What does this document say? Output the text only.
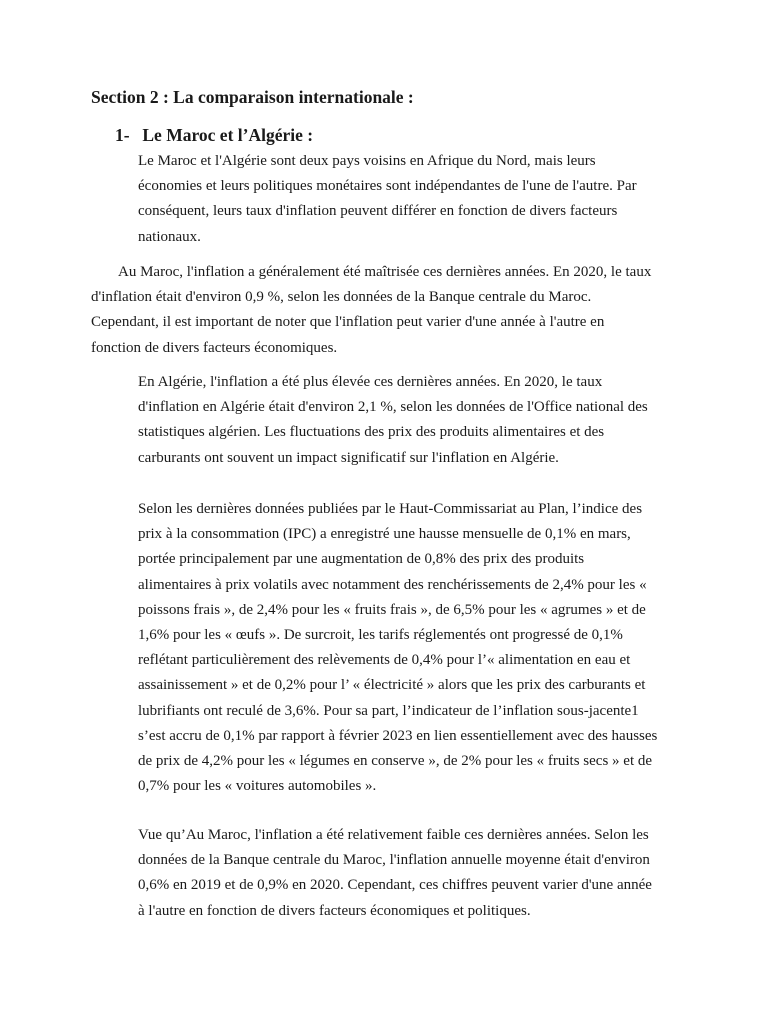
Section 2 : La comparaison internationale :
1- Le Maroc et l’Algérie :

Le Maroc et l'Algérie sont deux pays voisins en Afrique du Nord, mais leurs
économies et leurs politiques monétaires sont indépendantes de l'une de l'autre. Par
conséquent, leurs taux d'inflation peuvent différer en fonction de divers facteurs
nationaux.

Au Maroc, l'inflation a généralement été maîtrisée ces dernières années. En 2020, le taux
d'inflation était d'environ 0,9 %, selon les données de la Banque centrale du Maroc.
Cependant, il est important de noter que l'inflation peut varier d'une année à l'autre en
fonction de divers facteurs économiques.

En Algérie, l'inflation a été plus élevée ces dernières années. En 2020, le taux
d'inflation en Algérie était d'environ 2,1 %, selon les données de l'Office national des
statistiques algérien. Les fluctuations des prix des produits alimentaires et des
carburants ont souvent un impact significatif sur l'inflation en Algérie.

Selon les dernières données publiées par le Haut-Commissariat au Plan, l’indice des
prix à la consommation (IPC) a enregistré une hausse mensuelle de 0,1% en mars,
portée principalement par une augmentation de 0,8% des prix des produits
alimentaires à prix volatils avec notamment des renchérissements de 2,4% pour les «
poissons frais », de 2,4% pour les « fruits frais », de 6,5% pour les « agrumes » et de
1,6% pour les « œufs ». De surcroit, les tarifs réglementés ont progressé de 0,1%
reflétant particulièrement des relèvements de 0,4% pour l’« alimentation en eau et
assainissement » et de 0,2% pour l’ « électricité » alors que les prix des carburants et
lubrifiants ont reculé de 3,6%. Pour sa part, l’indicateur de l’inflation sous-jacente1
s’est accru de 0,1% par rapport à février 2023 en lien essentiellement avec des hausses
de prix de 4,2% pour les « légumes en conserve », de 2% pour les « fruits secs » et de
0,7% pour les « voitures automobiles ».

Vue qu’Au Maroc, l'inflation a été relativement faible ces dernières années. Selon les
données de la Banque centrale du Maroc, l'inflation annuelle moyenne était d'environ
0,6% en 2019 et de 0,9% en 2020. Cependant, ces chiffres peuvent varier d'une année
à l'autre en fonction de divers facteurs économiques et politiques.
